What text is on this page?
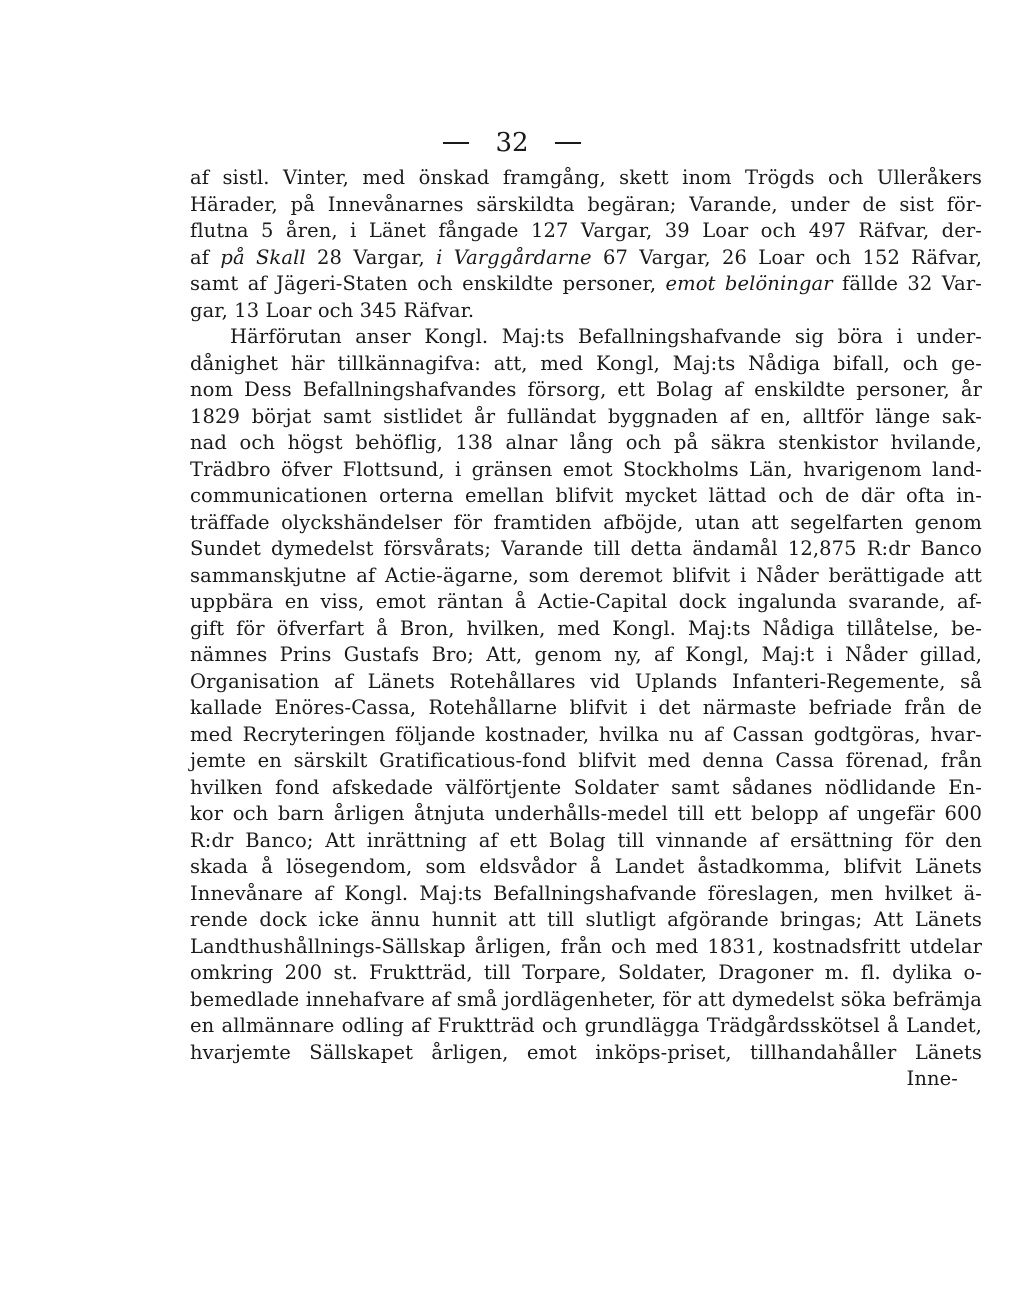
32
af sistl. Vinter, med önskad framgång, skett inom Trögds och Ulleråkers
Härader, på Innevånarnes särskildta begäran; Varande, under de sist för-
flutna 5 åren, i Länet fångade 127 Vargar, 39 Loar och 497 Räfvar, der-
af på Skall 28 Vargar, i Varggårdarne 67 Vargar, 26 Loar och 152 Räfvar,
samt af Jägeri-Staten och enskildte personer, emot belöningar fällde 32 Var-
gar, 13 Loar och 345 Räfvar.
Härförutan anser Kongl. Maj:ts Befallningshafvande sig böra i under-
dånighet här tillkännagifva: att, med Kongl, Maj:ts Nådiga bifall, och ge-
nom Dess Befallningshafvandes försorg, ett Bolag af enskildte personer, år
1829 börjat samt sistlidet år fulländat byggnaden af en, alltför länge sak-
nad och högst behöflig, 138 alnar lång och på säkra stenkistor hvilande,
Trädbro öfver Flottsund, i gränsen emot Stockholms Län, hvarigenom land-
communicationen orterna emellan blifvit mycket lättad och de där ofta in-
träffade olyckshändelser för framtiden afböjde, utan att segelfarten genom
Sundet dymedelst försvårats; Varande till detta ändamål 12,875 R:dr Banco
sammanskjutne af Actie-ägarne, som deremot blifvit i Nåder berättigade att
uppbära en viss, emot räntan å Actie-Capital dock ingalunda svarande, af-
gift för öfverfart å Bron, hvilken, med Kongl. Maj:ts Nådiga tillåtelse, be-
nämnes Prins Gustafs Bro; Att, genom ny, af Kongl, Maj:t i Nåder gillad,
Organisation af Länets Rotehållares vid Uplands Infanteri-Regemente, så
kallade Enöres-Cassa, Rotehållarne blifvit i det närmaste befriade från de
med Recryteringen följande kostnader, hvilka nu af Cassan godtgöras, hvar-
jemte en särskilt Gratificatious-fond blifvit med denna Cassa förenad, från
hvilken fond afskedade välförtjente Soldater samt sådanes nödlidande En-
kor och barn årligen åtnjuta underhålls-medel till ett belopp af ungefär 600
R:dr Banco; Att inrättning af ett Bolag till vinnande af ersättning för den
skada å lösegendom, som eldsvådor å Landet åstadkomma, blifvit Länets
Innevånare af Kongl. Maj:ts Befallningshafvande föreslagen, men hvilket ä-
rende dock icke ännu hunnit att till slutligt afgörande bringas; Att Länets
Landthushållnings-Sällskap årligen, från och med 1831, kostnadsfritt utdelar
omkring 200 st. Fruktträd, till Torpare, Soldater, Dragoner m. fl. dylika o-
bemedlade innehafvare af små jordlägenheter, för att dymedelst söka befrämja
en allmännare odling af Fruktträd och grundlägga Trädgårdsskötsel å Landet,
hvarjemte Sällskapet årligen, emot inköps-priset, tillhandahåller Länets
Inne-
